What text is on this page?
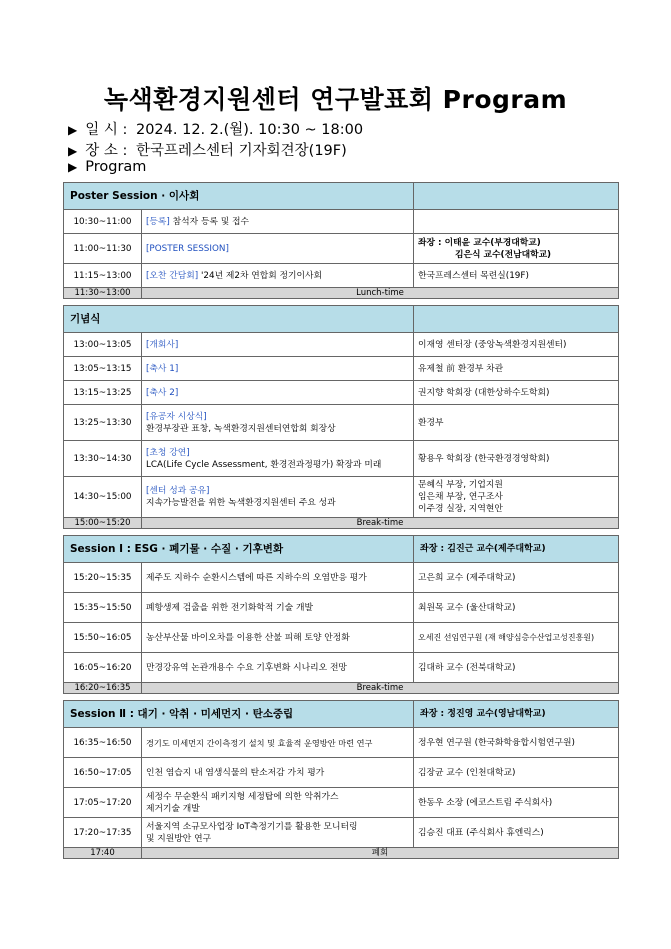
녹색환경지원센터 연구발표회 Program
▶ 일 시 : 2024. 12. 2.(월). 10:30 ~ 18:00
▶ 장 소 : 한국프레스센터 기자회견장(19F)
▶ Program
Poster Session · 이사회		
10:30~11:00	[등록] 참석자 등록 및 접수	
11:00~11:30	[POSTER SESSION]	좌장 : 이태윤 교수(부경대학교)
김은식 교수(전남대학교)

11:15~13:00	[오찬 간담회] '24년 제2차 연합회 정기이사회	한국프레스센터 목련실(19F)
11:30~13:00	Lunch-time	

기념식		
13:00~13:05	[개회사]	이재영 센터장 (중앙녹색환경지원센터)
13:05~13:15	[축사 1]	유제철 前 환경부 차관
13:15~13:25	[축사 2]	권지향 학회장 (대한상하수도학회)
13:25~13:30	[유공자 시상식]
환경부장관 표창, 녹색환경지원센터연합회 회장상	환경부
13:30~14:30	[초청 강연]
LCA(Life Cycle Assessment, 환경전과정평가) 확장과 미래	황용우 학회장 (한국환경경영학회)
14:30~15:00	[센터 성과 공유]
지속가능발전을 위한 녹색환경지원센터 주요 성과	문혜식 부장, 기업지원
임은채 부장, 연구조사
이주경 실장, 지역현안

15:00~15:20	Break-time	

Session Ⅰ : ESG · 폐기물 · 수질 · 기후변화		좌장 : 김진근 교수(제주대학교)
15:20~15:35	제주도 지하수 순환시스템에 따른 지하수의 오염반응 평가	고은희 교수 (제주대학교)
15:35~15:50	폐항생제 검출을 위한 전기화학적 기술 개발	최원목 교수 (울산대학교)
15:50~16:05	농산부산물 바이오차를 이용한 산불 피해 토양 안정화	오세진 선임연구원 (재 해양심층수산업고성진흥원)
16:05~16:20	만경강유역 논관개용수 수요 기후변화 시나리오 전망	김대하 교수 (전북대학교)
16:20~16:35	Break-time	

Session Ⅱ : 대기 · 악취 · 미세먼지 · 탄소중립		좌장 : 정진영 교수(영남대학교)
16:35~16:50	경기도 미세먼지 간이측정기 설치 및 효율적 운영방안 마련 연구	정우현 연구원 (한국화학융합시험연구원)
16:50~17:05	인천 염습지 내 염생식물의 탄소저감 가치 평가	김장균 교수 (인천대학교)
17:05~17:20	세정수 무순환식 패키지형 세정탑에 의한 악취가스
제거기술 개발	한동우 소장 (에코스트림 주식회사)
17:20~17:35	서울지역 소규모사업장 IoT측정기기를 활용한 모니터링
및 지원방안 연구	김승진 대표 (주식회사 휴엔릭스)
17:40	폐회	
